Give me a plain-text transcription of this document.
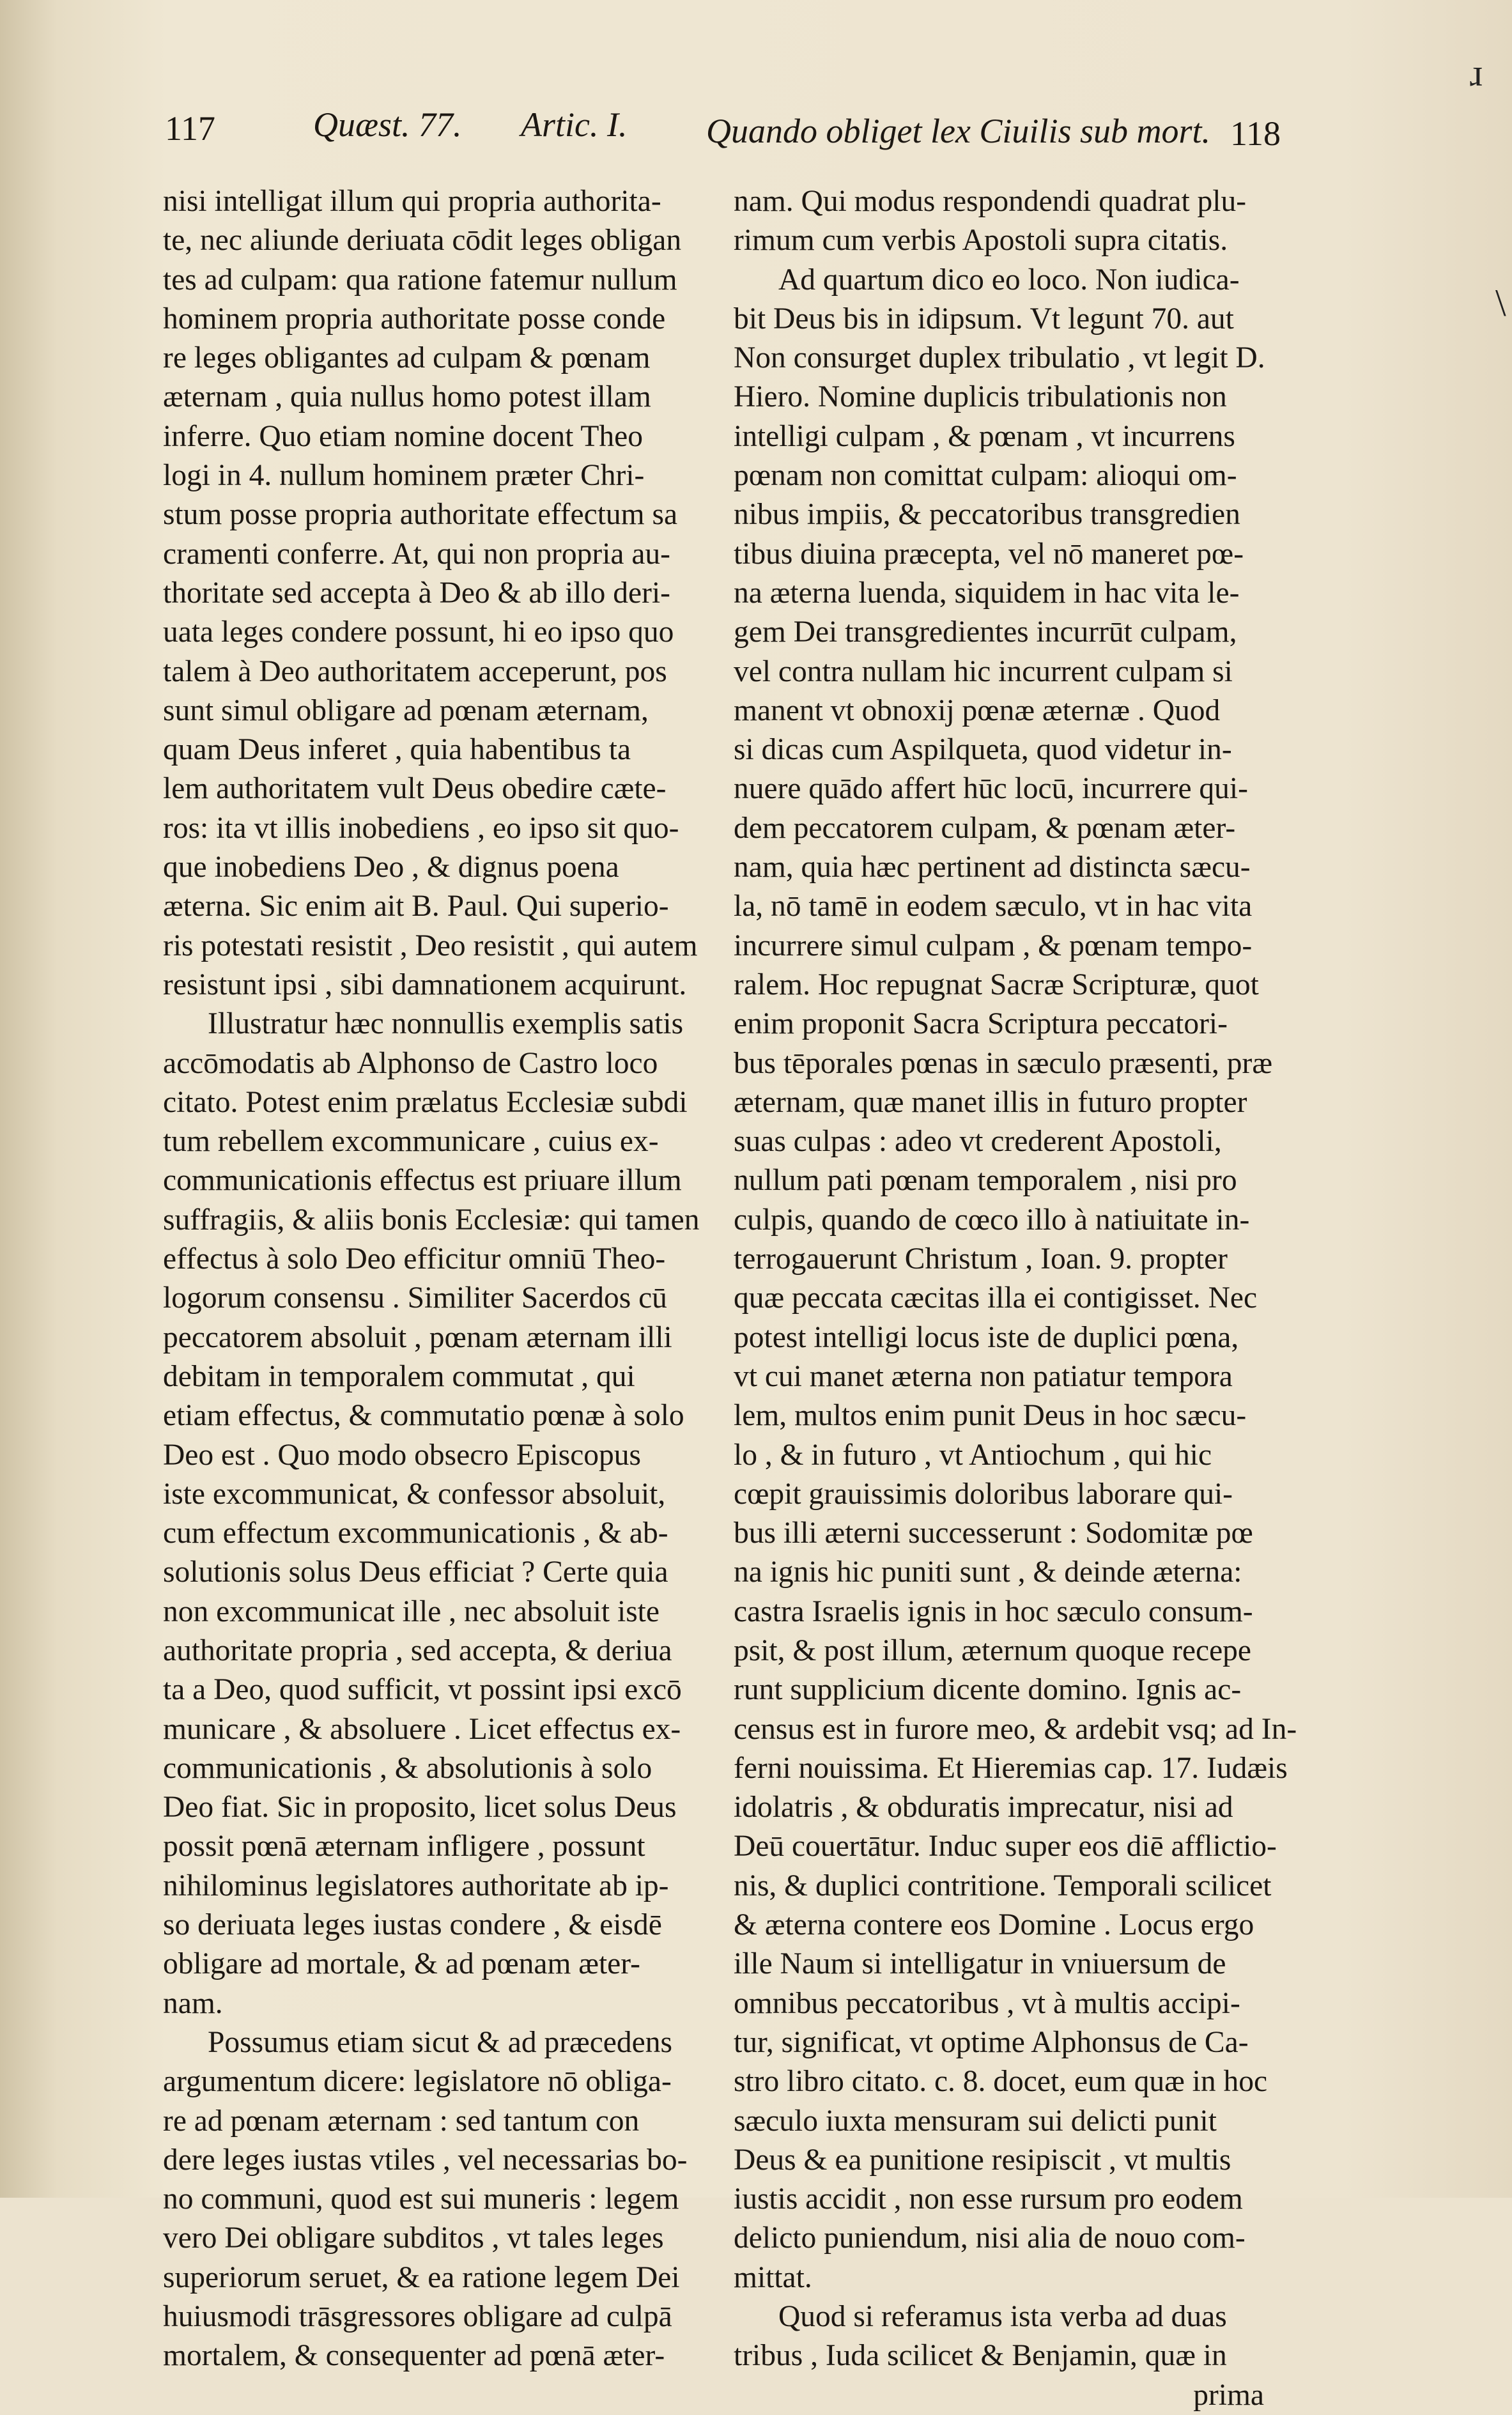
117	Quæst. 77. Artic. I. Quando obliget lex Ciuilis sub mort. 118
ɹ
\
nisi intelligat illum qui propria authorita-
te, nec aliunde deriuata cōdit leges obligan
tes ad culpam: qua ratione fatemur nullum
hominem propria authoritate posse conde
re leges obligantes ad culpam & pœnam
æternam , quia nullus homo potest illam
inferre. Quo etiam nomine docent Theo
logi in 4. nullum hominem præter Chri-
stum posse propria authoritate effectum sa
cramenti conferre. At, qui non propria au-
thoritate sed accepta à Deo & ab illo deri-
uata leges condere possunt, hi eo ipso quo
talem à Deo authoritatem acceperunt, pos
sunt simul obligare ad pœnam æternam,
quam Deus inferet , quia habentibus ta
lem authoritatem vult Deus obedire cæte-
ros: ita vt illis inobediens , eo ipso sit quo-
que inobediens Deo , & dignus poena
æterna. Sic enim ait B. Paul. Qui superio-
ris potestati resistit , Deo resistit , qui autem
resistunt ipsi , sibi damnationem acquirunt.
Illustratur hæc nonnullis exemplis satis
accōmodatis ab Alphonso de Castro loco
citato. Potest enim prælatus Ecclesiæ subdi
tum rebellem excommunicare , cuius ex-
communicationis effectus est priuare illum
suffragiis, & aliis bonis Ecclesiæ: qui tamen
effectus à solo Deo efficitur omniū Theo-
logorum consensu . Similiter Sacerdos cū
peccatorem absoluit , pœnam æternam illi
debitam in temporalem commutat , qui
etiam effectus, & commutatio pœnæ à solo
Deo est . Quo modo obsecro Episcopus
iste excommunicat, & confessor absoluit,
cum effectum excommunicationis , & ab-
solutionis solus Deus efficiat ? Certe quia
non excommunicat ille , nec absoluit iste
authoritate propria , sed accepta, & deriua
ta a Deo, quod sufficit, vt possint ipsi excō
municare , & absoluere . Licet effectus ex-
communicationis , & absolutionis à solo
Deo fiat. Sic in proposito, licet solus Deus
possit pœnā æternam infligere , possunt
nihilominus legislatores authoritate ab ip-
so deriuata leges iustas condere , & eisdē
obligare ad mortale, & ad pœnam æter-
nam.
Possumus etiam sicut & ad præcedens
argumentum dicere: legislatore nō obliga-
re ad pœnam æternam : sed tantum con
dere leges iustas vtiles , vel necessarias bo-
no communi, quod est sui muneris : legem
vero Dei obligare subditos , vt tales leges
superiorum seruet, & ea ratione legem Dei
huiusmodi trāsgressores obligare ad culpā
mortalem, & consequenter ad pœnā æter-
nam. Qui modus respondendi quadrat plu-
rimum cum verbis Apostoli supra citatis.
Ad quartum dico eo loco. Non iudica-
bit Deus bis in idipsum. Vt legunt 70. aut
Non consurget duplex tribulatio , vt legit D.
Hiero. Nomine duplicis tribulationis non
intelligi culpam , & pœnam , vt incurrens
pœnam non comittat culpam: alioqui om-
nibus impiis, & peccatoribus transgredien
tibus diuina præcepta, vel nō maneret pœ-
na æterna luenda, siquidem in hac vita le-
gem Dei transgredientes incurrūt culpam,
vel contra nullam hic incurrent culpam si
manent vt obnoxij pœnæ æternæ . Quod
si dicas cum Aspilqueta, quod videtur in-
nuere quādo affert hūc locū, incurrere qui-
dem peccatorem culpam, & pœnam æter-
nam, quia hæc pertinent ad distincta sæcu-
la, nō tamē in eodem sæculo, vt in hac vita
incurrere simul culpam , & pœnam tempo-
ralem. Hoc repugnat Sacræ Scripturæ, quot
enim proponit Sacra Scriptura peccatori-
bus tēporales pœnas in sæculo præsenti, præ
æternam, quæ manet illis in futuro propter
suas culpas : adeo vt crederent Apostoli,
nullum pati pœnam temporalem , nisi pro
culpis, quando de cœco illo à natiuitate in-
terrogauerunt Christum , Ioan. 9. propter
quæ peccata cæcitas illa ei contigisset. Nec
potest intelligi locus iste de duplici pœna,
vt cui manet æterna non patiatur tempora
lem, multos enim punit Deus in hoc sæcu-
lo , & in futuro , vt Antiochum , qui hic
cœpit grauissimis doloribus laborare qui-
bus illi æterni successerunt : Sodomitæ pœ
na ignis hic puniti sunt , & deinde æterna:
castra Israelis ignis in hoc sæculo consum-
psit, & post illum, æternum quoque recepe
runt supplicium dicente domino. Ignis ac-
census est in furore meo, & ardebit vsq; ad In-
ferni nouissima. Et Hieremias cap. 17. Iudæis
idolatris , & obduratis imprecatur, nisi ad
Deū couertātur. Induc super eos diē afflictio-
nis, & duplici contritione. Temporali scilicet
& æterna contere eos Domine . Locus ergo
ille Naum si intelligatur in vniuersum de
omnibus peccatoribus , vt à multis accipi-
tur, significat, vt optime Alphonsus de Ca-
stro libro citato. c. 8. docet, eum quæ in hoc
sæculo iuxta mensuram sui delicti punit
Deus & ea punitione resipiscit , vt multis
iustis accidit , non esse rursum pro eodem
delicto puniendum, nisi alia de nouo com-
mittat.
Quod si referamus ista verba ad duas
tribus , Iuda scilicet & Benjamin, quæ in
prima
